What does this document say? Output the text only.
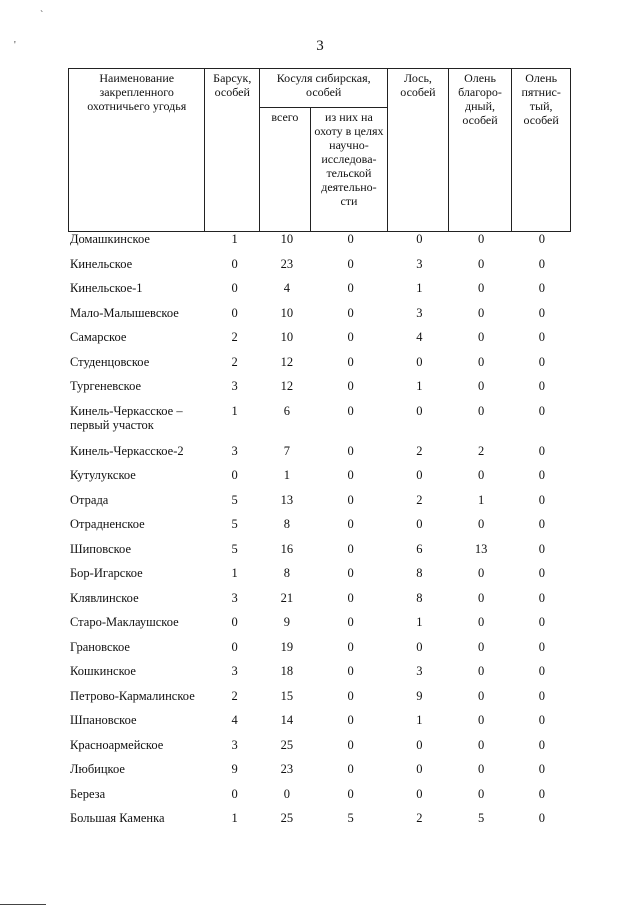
3
`
'
Наименование закрепленного охотничьего угодья	Барсук, особей	Косуля сибирская, особей		Лось, особей	Олень благоро-дный, особей	Олень пятнис-тый, особей
		всего	из них на охоту в целях научно-исследова-тельской деятельно-сти			
Домашкинское	1	10	0	0	0	0
Кинельское	0	23	0	3	0	0
Кинельское-1	0	4	0	1	0	0
Мало-Малышевское	0	10	0	3	0	0
Самарское	2	10	0	4	0	0
Студенцовское	2	12	0	0	0	0
Тургеневское	3	12	0	1	0	0
Кинель-Черкасское – первый участок	1	6	0	0	0	0
Кинель-Черкасское-2	3	7	0	2	2	0
Кутулукское	0	1	0	0	0	0
Отрада	5	13	0	2	1	0
Отрадненское	5	8	0	0	0	0
Шиповское	5	16	0	6	13	0
Бор-Игарское	1	8	0	8	0	0
Клявлинское	3	21	0	8	0	0
Старо-Маклаушское	0	9	0	1	0	0
Грановское	0	19	0	0	0	0
Кошкинское	3	18	0	3	0	0
Петрово-Кармалинское	2	15	0	9	0	0
Шпановское	4	14	0	1	0	0
Красноармейское	3	25	0	0	0	0
Любицкое	9	23	0	0	0	0
Береза	0	0	0	0	0	0
Большая Каменка	1	25	5	2	5	0
